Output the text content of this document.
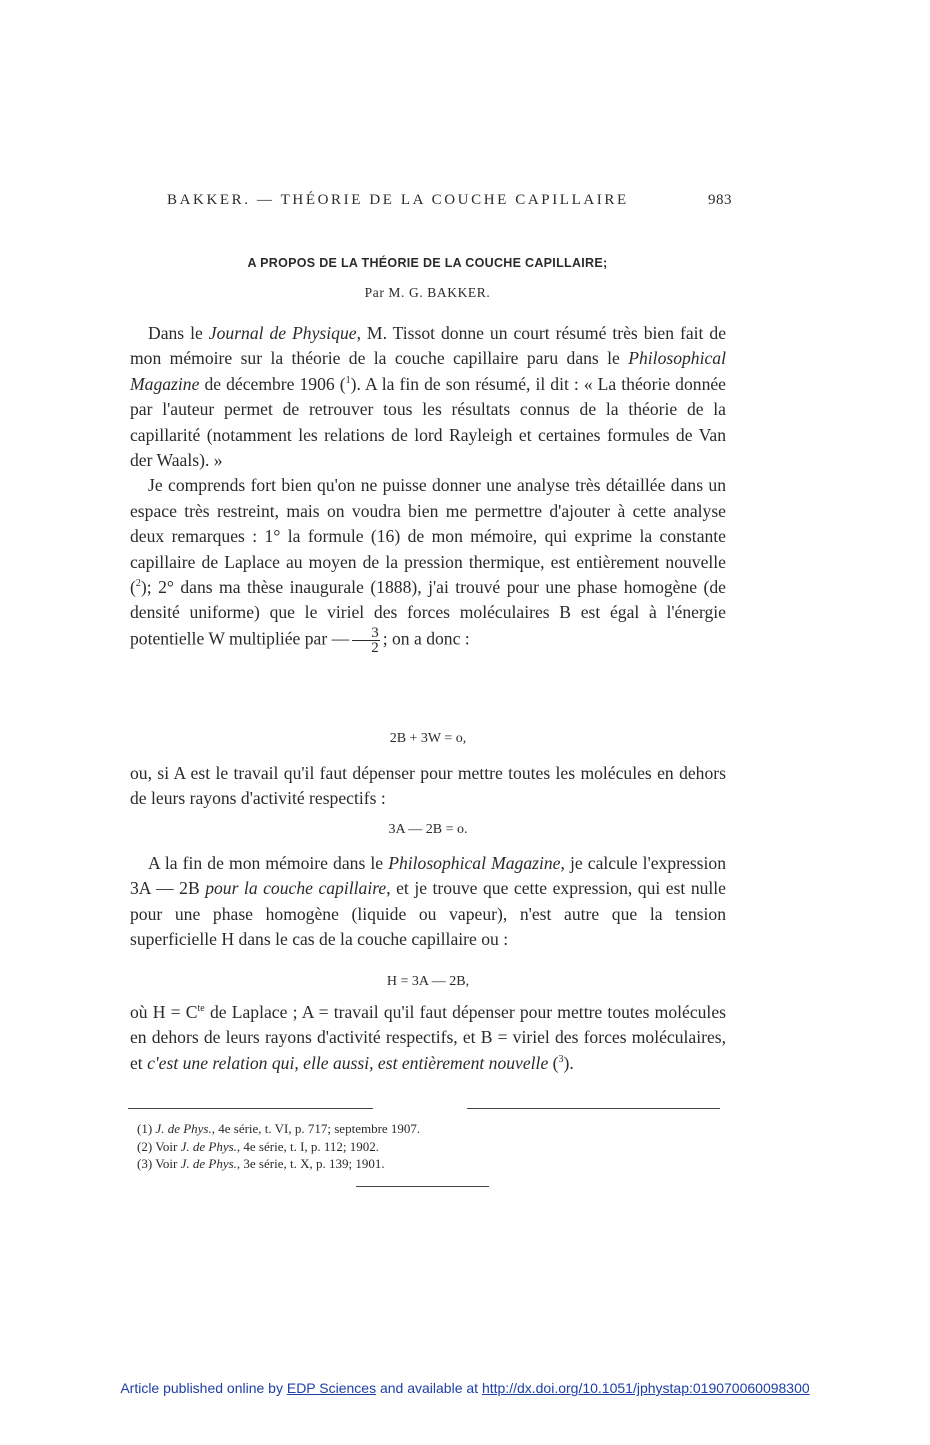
BAKKER. — THÉORIE DE LA COUCHE CAPILLAIRE	983
A PROPOS DE LA THÉORIE DE LA COUCHE CAPILLAIRE;
Par M. G. BAKKER.

Dans le Journal de Physique, M. Tissot donne un court résumé très bien fait de mon mémoire sur la théorie de la couche capillaire paru dans le Philosophical Magazine de décembre 1906 ($^1$). A la fin de son résumé, il dit : « La théorie donnée par l'auteur permet de retrouver tous les résultats connus de la théorie de la capillarité (notamment les relations de lord Rayleigh et certaines formules de Van der Waals). »

Je comprends fort bien qu'on ne puisse donner une analyse très détaillée dans un espace très restreint, mais on voudra bien me permettre d'ajouter à cette analyse deux remarques : 1° la formule (16) de mon mémoire, qui exprime la constante capillaire de Laplace au moyen de la pression thermique, est entièrement nouvelle ($^2$); 2° dans ma thèse inaugurale (1888), j'ai trouvé pour une phase homogène (de densité uniforme) que le viriel des forces moléculaires B est égal à l'énergie potentielle W multipliée par — $\frac{3}{2}$ ; on a donc :

2B + 3W = o,

ou, si A est le travail qu'il faut dépenser pour mettre toutes les molécules en dehors de leurs rayons d'activité respectifs :

3A — 2B = o.

A la fin de mon mémoire dans le Philosophical Magazine, je calcule l'expression 3A — 2B pour la couche capillaire, et je trouve que cette expression, qui est nulle pour une phase homogène (liquide ou vapeur), n'est autre que la tension superficielle H dans le cas de la couche capillaire ou :

H = 3A — 2B,

où $H = C^{te}$ de Laplace ; A = travail qu'il faut dépenser pour mettre toutes molécules en dehors de leurs rayons d'activité respectifs, et B = viriel des forces moléculaires, et c'est une relation qui, elle aussi, est entièrement nouvelle ($^3$).

(1) J. de Phys., 4e série, t. VI, p. 717; septembre 1907.
(2) Voir J. de Phys., 4e série, t. I, p. 112; 1902.
(3) Voir J. de Phys., 3e série, t. X, p. 139; 1901.
Article published online by EDP Sciences and available at http://dx.doi.org/10.1051/jphystap:019070060098300
